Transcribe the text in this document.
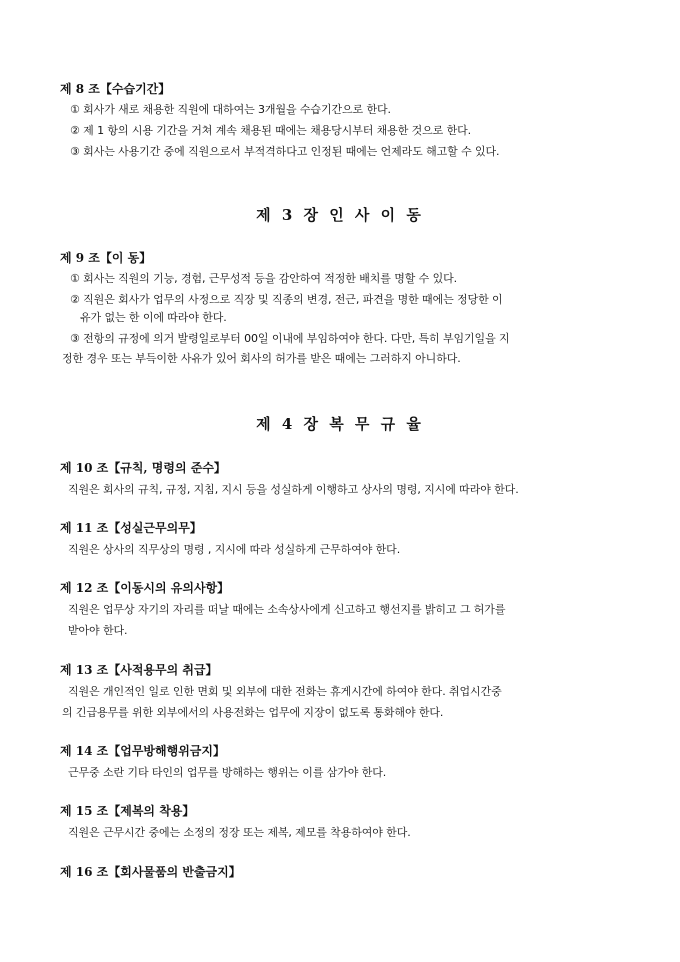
제 8 조【수습기간】
① 회사가 새로 채용한 직원에 대하여는 3개월을 수습기간으로 한다.
② 제 1 항의 시용 기간을 거쳐 계속 채용된 때에는 채용당시부터 채용한 것으로 한다.
③ 회사는 사용기간 중에 직원으로서 부적격하다고 인정된 때에는 언제라도 해고할 수 있다.
제 3 장 인 사 이 동
제 9 조【이 동】
① 회사는 직원의 기능, 경험, 근무성적 등을 감안하여 적정한 배치를 명할 수 있다.
② 직원은 회사가 업무의 사정으로 직장 및 직종의 변경, 전근, 파견을 명한 때에는 정당한 이
유가 없는 한 이에 따라야 한다.
③ 전항의 규정에 의거 발령일로부터 00일 이내에 부임하여야 한다. 다만, 특히 부임기일을 지
정한 경우 또는 부득이한 사유가 있어 회사의 허가를 받은 때에는 그러하지 아니하다.
제 4 장 복 무 규 율
제 10 조【규칙, 명령의 준수】
직원은 회사의 규칙, 규정, 지침, 지시 등을 성실하게 이행하고 상사의 명령, 지시에 따라야 한다.
제 11 조【성실근무의무】
직원은 상사의 직무상의 명령 , 지시에 따라 성실하게 근무하여야 한다.
제 12 조【이동시의 유의사항】
직원은 업무상 자기의 자리를 떠날 때에는 소속상사에게 신고하고 행선지를 밝히고 그 허가를
받아야 한다.
제 13 조【사적용무의 취급】
직원은 개인적인 일로 인한 면회 및 외부에 대한 전화는 휴게시간에 하여야 한다. 취업시간중
의 긴급용무를 위한 외부에서의 사용전화는 업무에 지장이 없도록 통화해야 한다.
제 14 조【업무방해행위금지】
근무중 소란 기타 타인의 업무를 방해하는 행위는 이를 삼가야 한다.
제 15 조【제복의 착용】
직원은 근무시간 중에는 소정의 정장 또는 제복, 제모를 착용하여야 한다.
제 16 조【회사물품의 반출금지】
